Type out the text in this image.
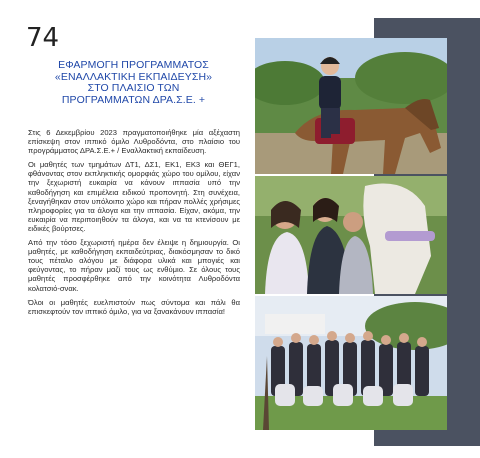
74
ΕΦΑΡΜΟΓΗ ΠΡΟΓΡΑΜΜΑΤΟΣ
«ΕΝΑΛΛΑΚΤΙΚΗ ΕΚΠΑΙΔΕΥΣΗ»
ΣΤΟ ΠΛΑΙΣΙΟ ΤΩΝ
ΠΡΟΓΡΑΜΜΑΤΩΝ ΔΡΑ.Σ.Ε. +

Στις 6 Δεκεμβρίου 2023 πραγματοποιήθηκε μία αξέχαστη επίσκεψη στον ιππικό όμιλο Λυθροδόντα, στο πλαίσιο του προγράμματος ΔΡΑ.Σ.Ε.+ / Εναλλακτική εκπαίδευση.

Οι μαθητές των τμημάτων ΔΤ1, ΔΣ1, ΕΚ1, ΕΚ3 και ΘΕΓ1, φθάνοντας στον εκπληκτικής ομορφιάς χώρο του ομίλου, είχαν την ξεχωριστή ευκαιρία να κάνουν ιππασία υπό την καθοδήγηση και επιμέλεια ειδικού προπονητή. Στη συνέχεια, ξεναγήθηκαν στον υπόλοιπο χώρο και πήραν πολλές χρήσιμες πληροφορίες για τα άλογα και την ιππασία. Είχαν, ακόμα, την ευκαιρία να περιποιηθούν τα άλογα, και να τα κτενίσουν με ειδικές βούρτσες.

Από την τόσο ξεχωριστή ημέρα δεν έλειψε η δημιουργία. Οι μαθητές, με καθοδήγηση εκπαιδεύτριας, διακόσμησαν το δικό τους πέταλο αλόγου με διάφορα υλικά και μπογιές και φεύγοντας, το πήραν μαζί τους ως ενθύμιο. Σε όλους τους μαθητές προσφέρθηκε από την κοινότητα Λυθροδόντα κολατσιό-σνακ.

Όλοι οι μαθητές ευελπιστούν πως σύντομα και πάλι θα επισκεφτούν τον ιππικό όμιλο, για να ξανακάνουν ιππασία!
